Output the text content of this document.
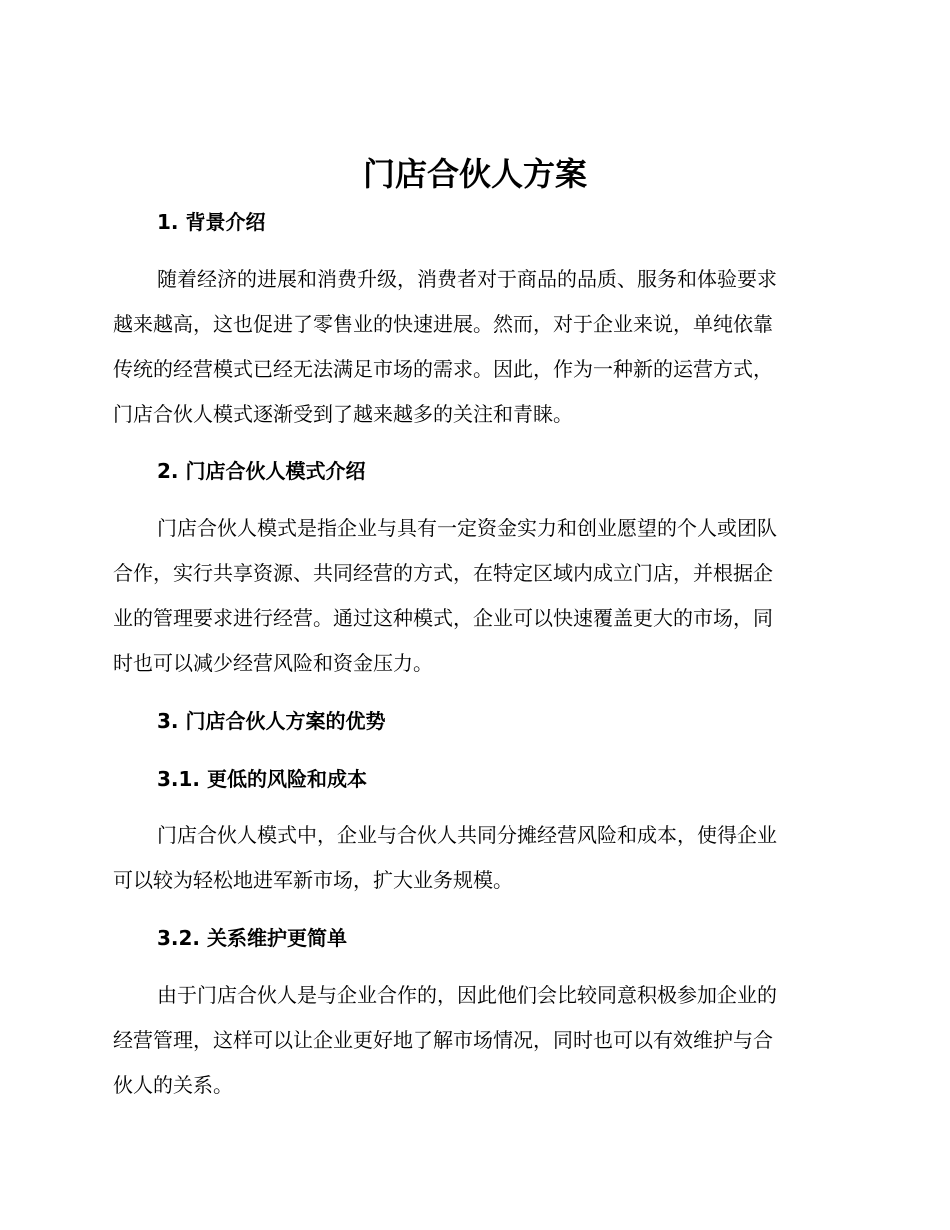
门店合伙人方案
1. 背景介绍

随着经济的进展和消费升级，消费者对于商品的品质、服务和体验要求
越来越高，这也促进了零售业的快速进展。然而，对于企业来说，单纯依靠
传统的经营模式已经无法满足市场的需求。因此，作为一种新的运营方式，
门店合伙人模式逐渐受到了越来越多的关注和青睐。

2. 门店合伙人模式介绍

门店合伙人模式是指企业与具有一定资金实力和创业愿望的个人或团队
合作，实行共享资源、共同经营的方式，在特定区域内成立门店，并根据企
业的管理要求进行经营。通过这种模式，企业可以快速覆盖更大的市场，同
时也可以减少经营风险和资金压力。

3. 门店合伙人方案的优势
3.1. 更低的风险和成本

门店合伙人模式中，企业与合伙人共同分摊经营风险和成本，使得企业
可以较为轻松地进军新市场，扩大业务规模。

3.2. 关系维护更简单

由于门店合伙人是与企业合作的，因此他们会比较同意积极参加企业的
经营管理，这样可以让企业更好地了解市场情况，同时也可以有效维护与合
伙人的关系。
